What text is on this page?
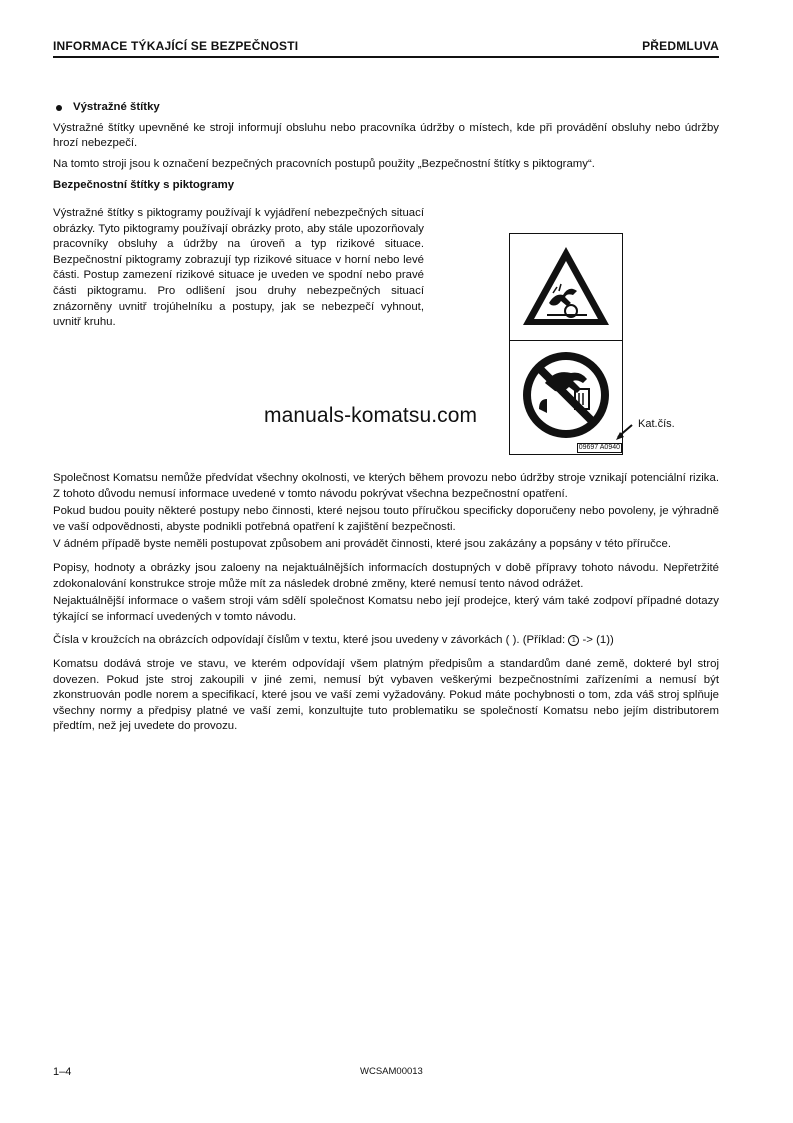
INFORMACE TÝKAJÍCÍ SE BEZPEČNOSTI	PŘEDMLUVA
Výstražné štítky

Výstražné štítky upevněné ke stroji informují obsluhu nebo pracovníka údržby o místech, kde při provádění obsluhy nebo údržby hrozí nebezpečí.

Na tomto stroji jsou k označení bezpečných pracovních postupů použity „Bezpečnostní štítky s piktogramy“.

Bezpečnostní štítky s piktogramy

Výstražné štítky s piktogramy používají k vyjádření nebezpečných situací obrázky. Tyto piktogramy používají obrázky proto, aby stále upozorňovaly pracovníky obsluhy a údržby na úroveň a typ rizikové situace. Bezpečnostní piktogramy zobrazují typ rizikové situace v horní nebo levé části. Postup zamezení rizikové situace je uveden ve spodní nebo pravé části piktogramu. Pro odlišení jsou druhy nebezpečných situací znázorněny uvnitř trojúhelníku a postupy, jak se nebezpečí vyhnout, uvnitř kruhu.

09697 A0940
Kat.čís.
manuals-komatsu.com

Společnost Komatsu nemůže předvídat všechny okolnosti, ve kterých během provozu nebo údržby stroje vznikají potenciální rizika. Z tohoto důvodu nemusí informace uvedené v tomto návodu pokrývat všechna bezpečnostní opatření.

Pokud budou pouity některé postupy nebo činnosti, které nejsou touto příručkou specificky doporučeny nebo povoleny, je výhradně ve vaší odpovědnosti, abyste podnikli potřebná opatření k zajištění bezpečnosti.

V ádném případě byste neměli postupovat způsobem ani provádět činnosti, které jsou zakázány a popsány v této příručce.

Popisy, hodnoty a obrázky jsou zaloeny na nejaktuálnějších informacích dostupných v době přípravy tohoto návodu. Nepřetržité zdokonalování konstrukce stroje může mít za následek drobné změny, které nemusí tento návod odrážet.

Nejaktuálnější informace o vašem stroji vám sdělí společnost Komatsu nebo její prodejce, který vám také zodpoví případné dotazy týkající se informací uvedených v tomto návodu.

Čísla v kroužcích na obrázcích odpovídají číslům v textu, které jsou uvedeny v závorkách ( ). (Příklad: 1 -> (1))

Komatsu dodává stroje ve stavu, ve kterém odpovídají všem platným předpisům a standardům dané země, dokteré byl stroj dovezen. Pokud jste stroj zakoupili v jiné zemi, nemusí být vybaven veškerými bezpečnostními zařízeními a nemusí být zkonstruován podle norem a specifikací, které jsou ve vaší zemi vyžadovány. Pokud máte pochybnosti o tom, zda váš stroj splňuje všechny normy a předpisy platné ve vaší zemi, konzultujte tuto problematiku se společností Komatsu nebo jejím distributorem předtím, než jej uvedete do provozu.

1–4	WCSAM00013
